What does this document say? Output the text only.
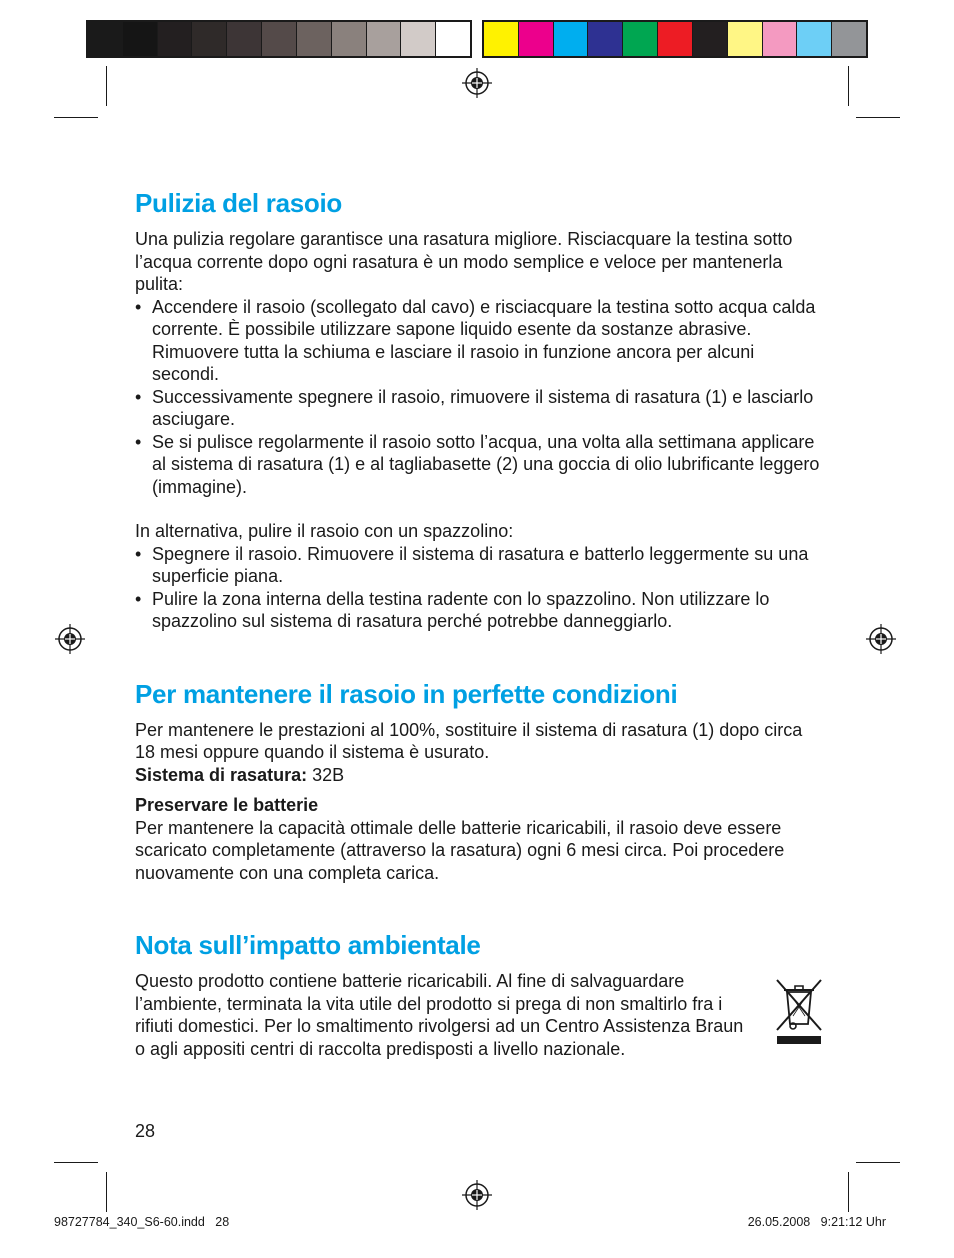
Pulizia del rasoio

Una pulizia regolare garantisce una rasatura migliore. Risciacquare la testina sotto l’acqua corrente dopo ogni rasatura è un modo semplice e veloce per mantenerla pulita:

• Accendere il rasoio (scollegato dal cavo) e risciacquare la testina sotto acqua calda corrente. È possibile utilizzare sapone liquido esente da sostanze abrasive. Rimuovere tutta la schiuma e lasciare il rasoio in funzione ancora per alcuni secondi.
• Successivamente spegnere il rasoio, rimuovere il sistema di rasatura (1) e lasciarlo asciugare.
• Se si pulisce regolarmente il rasoio sotto l’acqua, una volta alla settimana applicare al sistema di rasatura (1) e al tagliabasette (2) una goccia di olio lubrificante leggero (immagine).

In alternativa, pulire il rasoio con un spazzolino:

• Spegnere il rasoio. Rimuovere il sistema di rasatura e batterlo leggermente su una superficie piana.
• Pulire la zona interna della testina radente con lo spazzolino. Non utilizzare lo spazzolino sul sistema di rasatura perché potrebbe danneggiarlo.
Per mantenere il rasoio in perfette condizioni

Per mantenere le prestazioni al 100%, sostituire il sistema di rasatura (1) dopo circa 18 mesi oppure quando il sistema è usurato.

Sistema di rasatura: 32B

Preservare le batterie

Per mantenere la capacità ottimale delle batterie ricaricabili, il rasoio deve essere scaricato completamente (attraverso la rasatura) ogni 6 mesi circa. Poi procedere nuovamente con una completa carica.

Nota sull’impatto ambientale

Questo prodotto contiene batterie ricaricabili. Al fine di salvaguardare l’ambiente, terminata la vita utile del prodotto si prega di non smaltirlo fra i rifiuti domestici. Per lo smaltimento rivolgersi ad un Centro Assistenza Braun o agli appositi centri di raccolta predisposti a livello nazionale.

28
98727784_340_S6-60.indd   28	26.05.2008   9:21:12 Uhr
